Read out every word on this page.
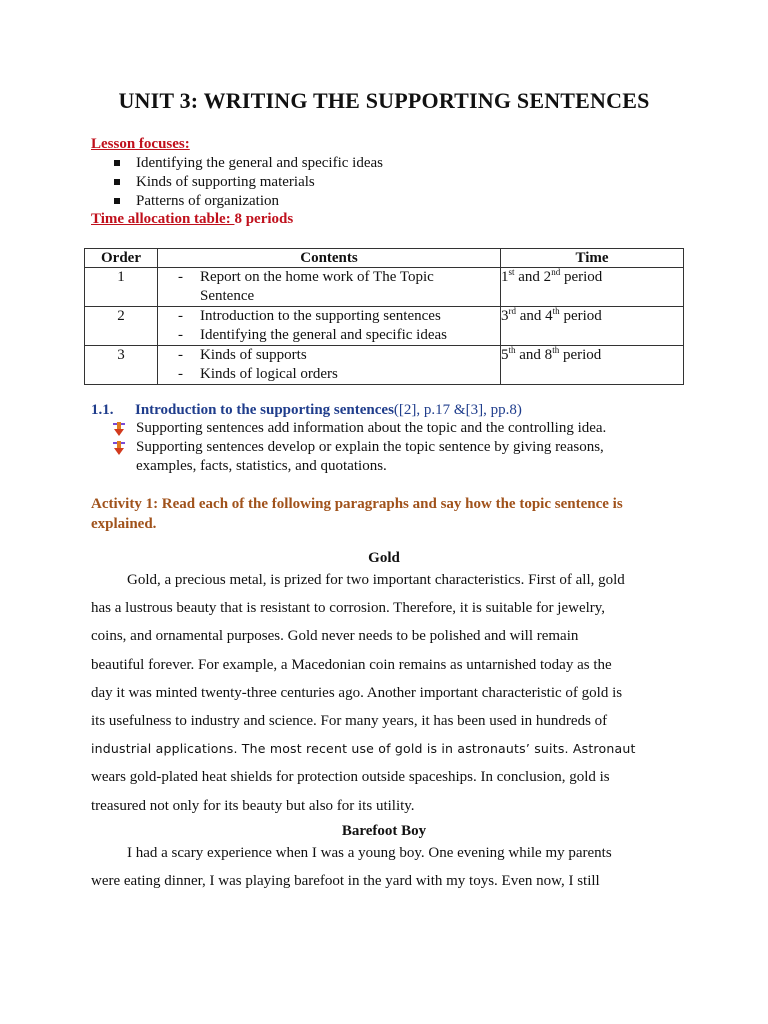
UNIT 3: WRITING THE SUPPORTING SENTENCES
Lesson focuses:
Identifying the general and specific ideas
Kinds of supporting materials
Patterns of organization
Time allocation table: 8 periods
Order	Contents	Time

1	- Report on the home work of The Topic
Sentence	1st and 2nd period

2	- Introduction to the supporting sentences
- Identifying the general and specific ideas	3rd and 4th period

3	- Kinds of supports
- Kinds of logical orders	5th and 8th period
1.1. Introduction to the supporting sentences([2], p.17 &[3], pp.8)
Supporting sentences add information about the topic and the controlling idea.
Supporting sentences develop or explain the topic sentence by giving reasons,
examples, facts, statistics, and quotations.
Activity 1: Read each of the following paragraphs and say how the topic sentence is explained.
Gold
Gold, a precious metal, is prized for two important characteristics. First of all, gold
has a lustrous beauty that is resistant to corrosion. Therefore, it is suitable for jewelry,
coins, and ornamental purposes. Gold never needs to be polished and will remain
beautiful forever. For example, a Macedonian coin remains as untarnished today as the
day it was minted twenty-three centuries ago. Another important characteristic of gold is
its usefulness to industry and science. For many years, it has been used in hundreds of
industrial applications. The most recent use of gold is in astronauts’ suits. Astronaut
wears gold-plated heat shields for protection outside spaceships. In conclusion, gold is
treasured not only for its beauty but also for its utility.
Barefoot Boy
I had a scary experience when I was a young boy. One evening while my parents
were eating dinner, I was playing barefoot in the yard with my toys. Even now, I still
